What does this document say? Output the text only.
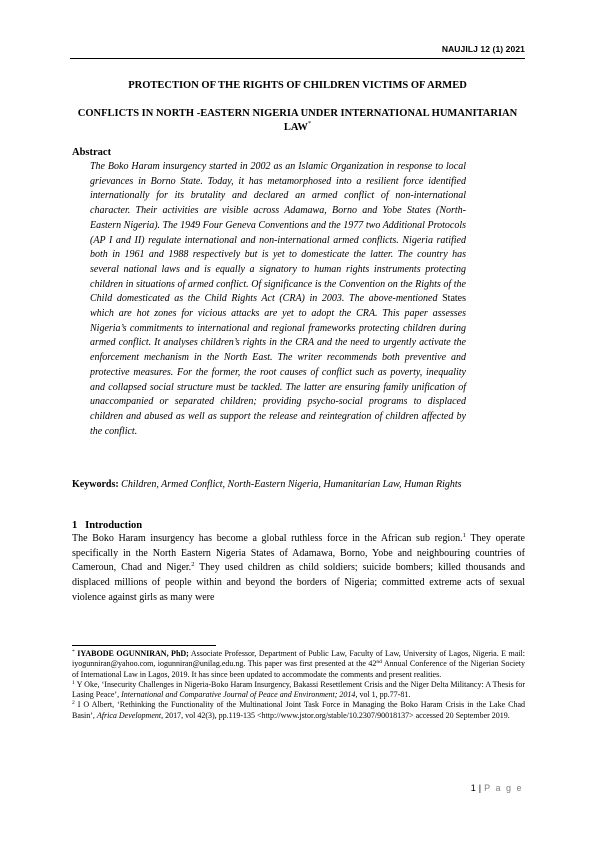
NAUJILJ 12 (1) 2021
PROTECTION OF THE RIGHTS OF CHILDREN VICTIMS OF ARMED
CONFLICTS IN NORTH -EASTERN NIGERIA UNDER INTERNATIONAL HUMANITARIAN LAW*
Abstract
The Boko Haram insurgency started in 2002 as an Islamic Organization in response to local grievances in Borno State. Today, it has metamorphosed into a resilient force identified internationally for its brutality and declared an armed conflict of non-international character. Their activities are visible across Adamawa, Borno and Yobe States (North-Eastern Nigeria). The 1949 Four Geneva Conventions and the 1977 two Additional Protocols (AP I and II) regulate international and non-international armed conflicts. Nigeria ratified both in 1961 and 1988 respectively but is yet to domesticate the latter. The country has several national laws and is equally a signatory to human rights instruments protecting children in situations of armed conflict. Of significance is the Convention on the Rights of the Child domesticated as the Child Rights Act (CRA) in 2003. The above-mentioned States which are hot zones for vicious attacks are yet to adopt the CRA. This paper assesses Nigeria’s commitments to international and regional frameworks protecting children during armed conflict. It analyses children’s rights in the CRA and the need to urgently activate the enforcement mechanism in the North East. The writer recommends both preventive and protective measures. For the former, the root causes of conflict such as poverty, inequality and collapsed social structure must be tackled. The latter are ensuring family unification of unaccompanied or separated children; providing psycho-social programs to displaced children and abused as well as support the release and reintegration of children affected by the conflict.
Keywords: Children, Armed Conflict, North-Eastern Nigeria, Humanitarian Law, Human Rights
1   Introduction
The Boko Haram insurgency has become a global ruthless force in the African sub region.$^1$ They operate specifically in the North Eastern Nigeria States of Adamawa, Borno, Yobe and neighbouring countries of Cameroun, Chad and Niger.$^2$ They used children as child soldiers; suicide bombers; killed thousands and displaced millions of people within and beyond the borders of Nigeria; committed extreme acts of sexual violence against girls as many were

* IYABODE OGUNNIRAN, PhD; Associate Professor, Department of Public Law, Faculty of Law, University of Lagos, Nigeria. E mail: iyogunniran@yahoo.com, iogunniran@unilag.edu.ng. This paper was first presented at the 42nd Annual Conference of the Nigerian Society of International Law in Lagos, 2019. It has since been updated to accommodate the comments and present realities.

$^1$ Y Oke, ‘Insecurity Challenges in Nigeria-Boko Haram Insurgency, Bakassi Resettlement Crisis and the Niger Delta Militancy: A Thesis for Lasing Peace’, International and Comparative Journal of Peace and Environment; 2014, vol 1, pp.77-81.

$^2$ I O Albert, ‘Rethinking the Functionality of the Multinational Joint Task Force in Managing the Boko Haram Crisis in the Lake Chad Basin’, Africa Development, 2017, vol 42(3), pp.119-135 <http://www.jstor.org/stable/10.2307/90018137> accessed 20 September 2019.

1 | P a g e
